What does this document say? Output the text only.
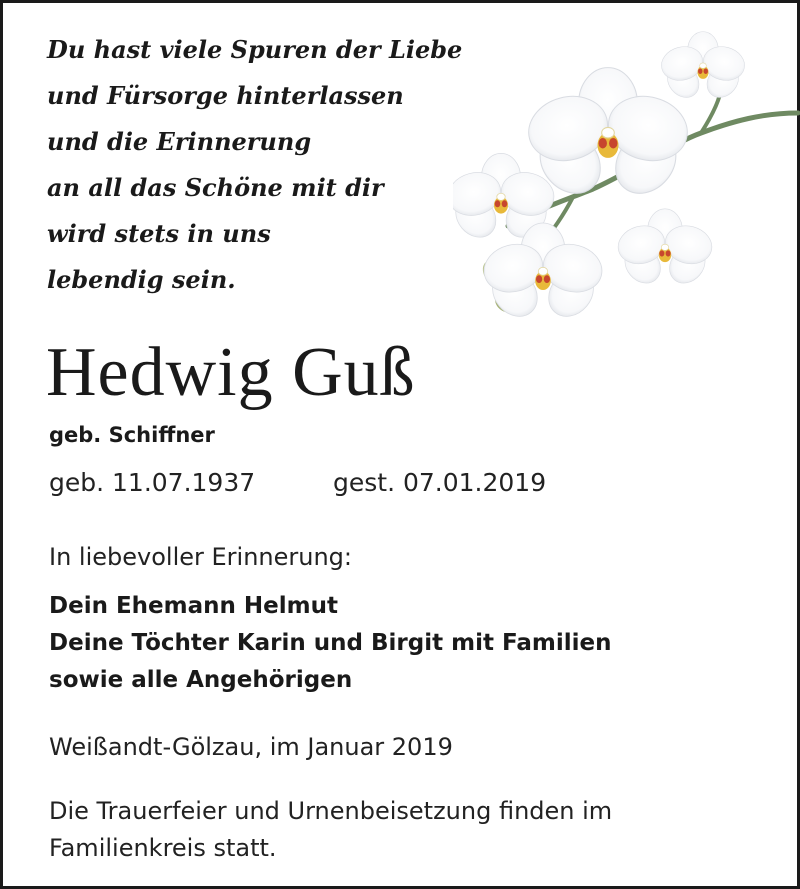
Du hast viele Spuren der Liebe
und Fürsorge hinterlassen
und die Erinnerung
an all das Schöne mit dir
wird stets in uns
lebendig sein.

Hedwig Guß
geb. Schiffner
geb. 11.07.1937	gest. 07.01.2019
In liebevoller Erinnerung:
Dein Ehemann Helmut
Deine Töchter Karin und Birgit mit Familien
sowie alle Angehörigen
Weißandt-Gölzau, im Januar 2019
Die Trauerfeier und Urnenbeisetzung finden im
Familienkreis statt.
